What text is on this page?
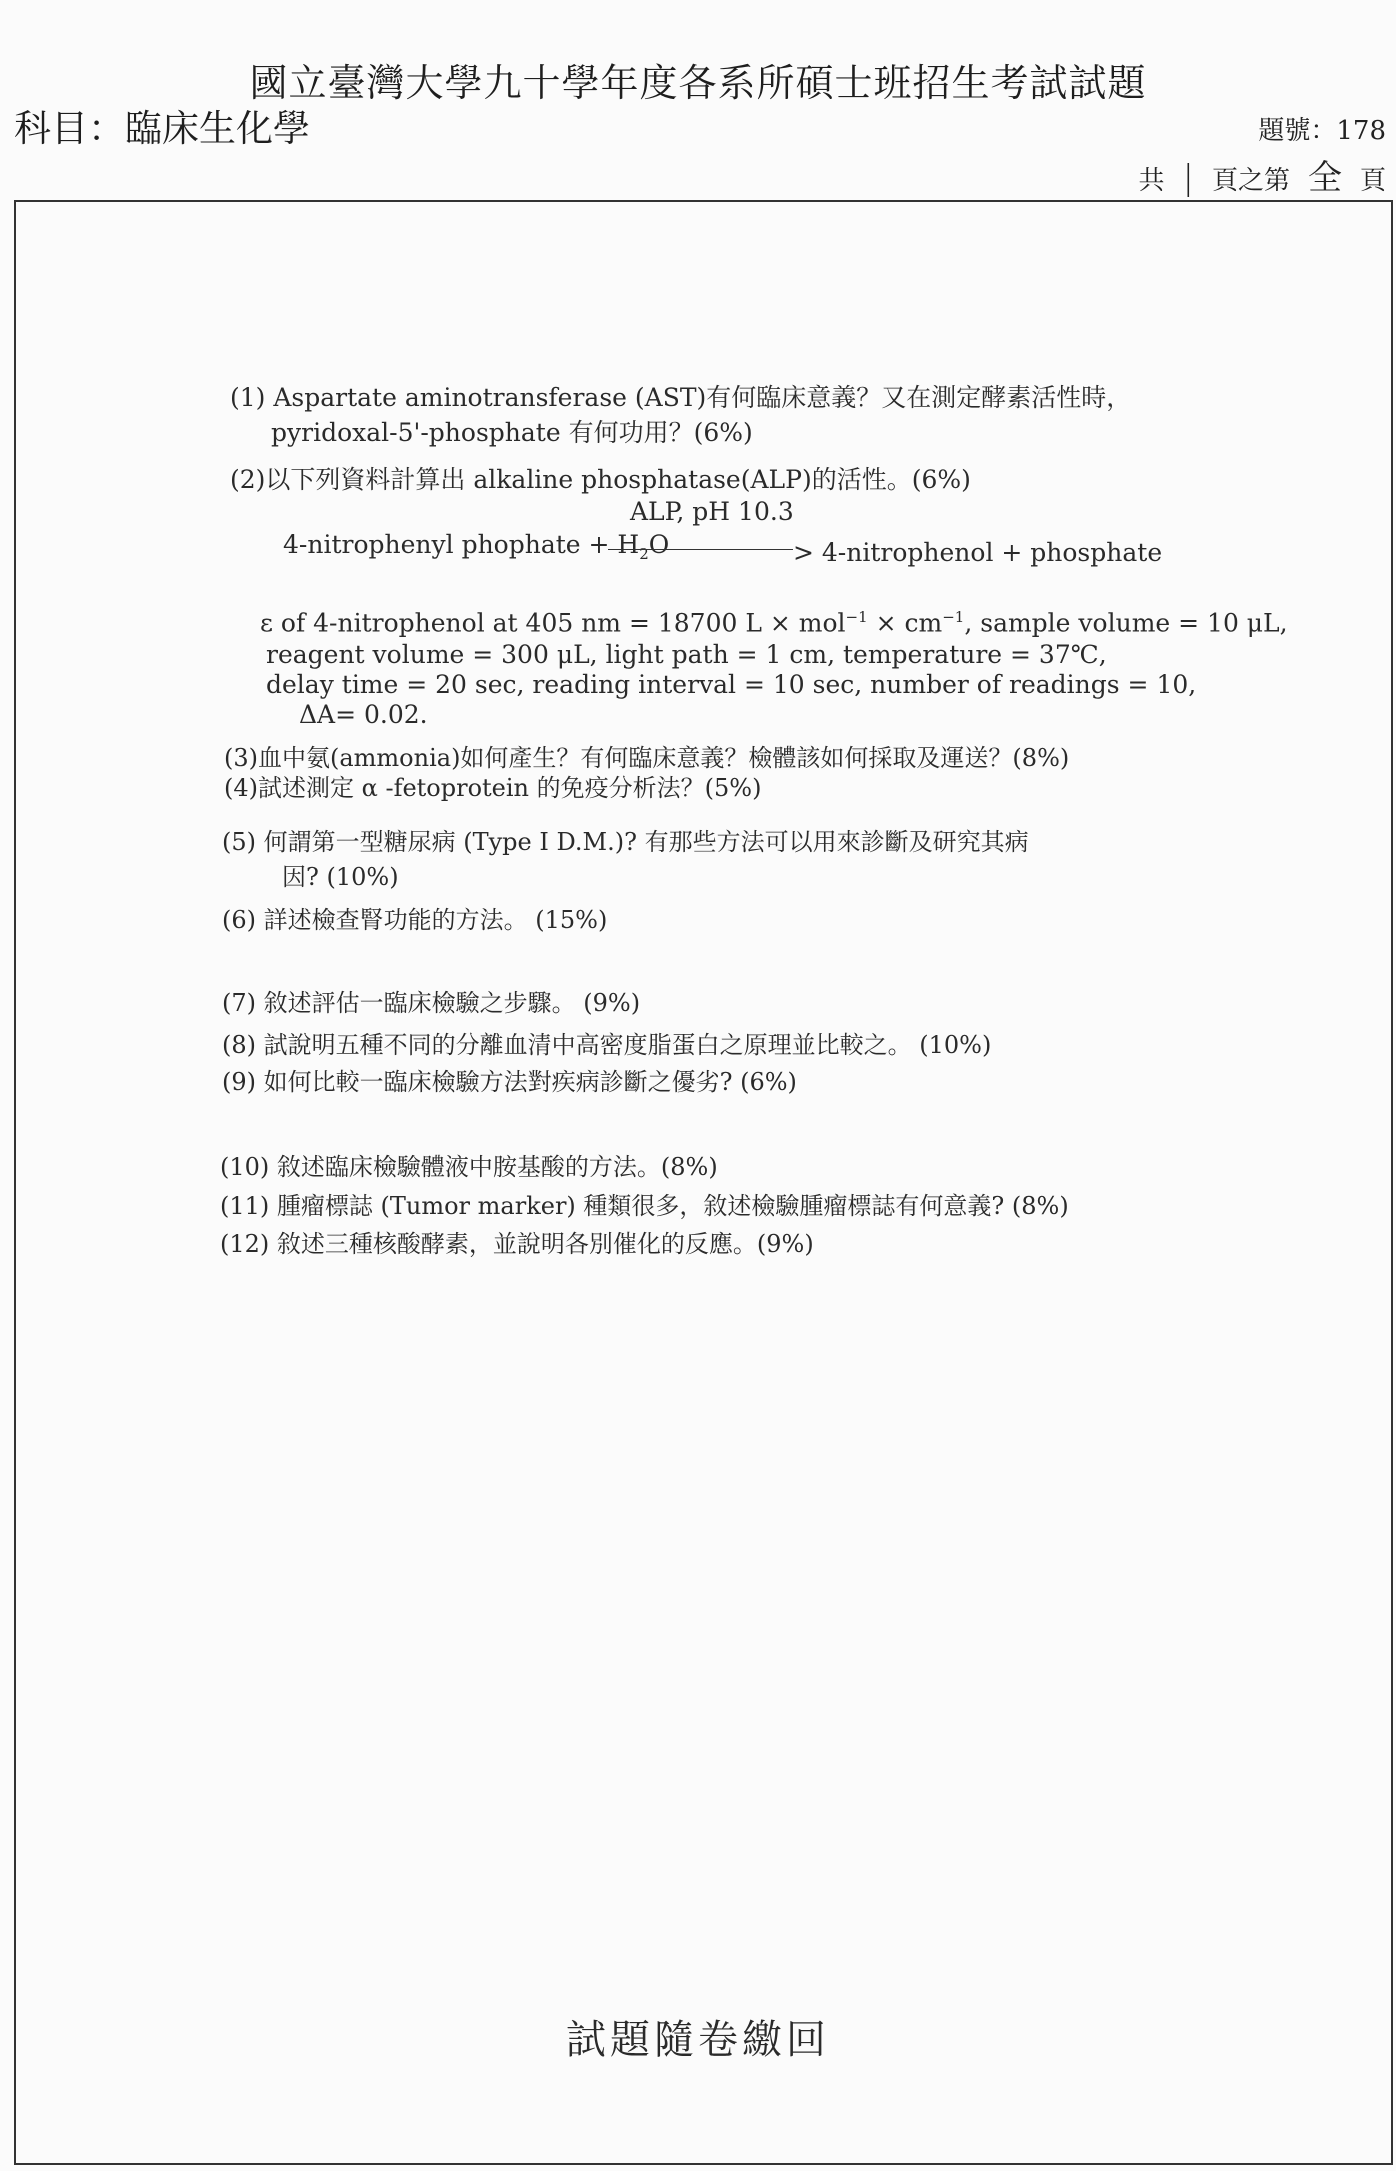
國立臺灣大學九十學年度各系所碩士班招生考試試題
科目：臨床生化學	題號：178
共 | 頁之第 全 頁
(1) Aspartate aminotransferase (AST)有何臨床意義？又在測定酵素活性時，
pyridoxal-5'-phosphate 有何功用？(6%)
(2)以下列資料計算出 alkaline phosphatase(ALP)的活性。(6%)
ALP, pH 10.3
4-nitrophenyl phophate + $H_2O$	> 4-nitrophenol + phosphate
ε of 4-nitrophenol at 405 nm = 18700 $L \times mol^{-1} \times cm^{-1}$, sample volume = 10 μL,
reagent volume = 300 μL, light path = 1 cm, temperature = 37℃,
delay time = 20 sec, reading interval = 10 sec, number of readings = 10,
ΔA= 0.02.
(3)血中氨(ammonia)如何產生？有何臨床意義？檢體該如何採取及運送？(8%)
(4)試述測定 α -fetoprotein 的免疫分析法？(5%)
(5) 何謂第一型糖尿病 (Type I D.M.)? 有那些方法可以用來診斷及研究其病
因? (10%)
(6) 詳述檢查腎功能的方法。 (15%)
(7) 敘述評估一臨床檢驗之步驟。 (9%)
(8) 試說明五種不同的分離血清中高密度脂蛋白之原理並比較之。 (10%)
(9) 如何比較一臨床檢驗方法對疾病診斷之優劣? (6%)
(10) 敘述臨床檢驗體液中胺基酸的方法。(8%)
(11) 腫瘤標誌 (Tumor marker) 種類很多，敘述檢驗腫瘤標誌有何意義? (8%)
(12) 敘述三種核酸酵素，並說明各別催化的反應。(9%)
試題隨卷繳回
